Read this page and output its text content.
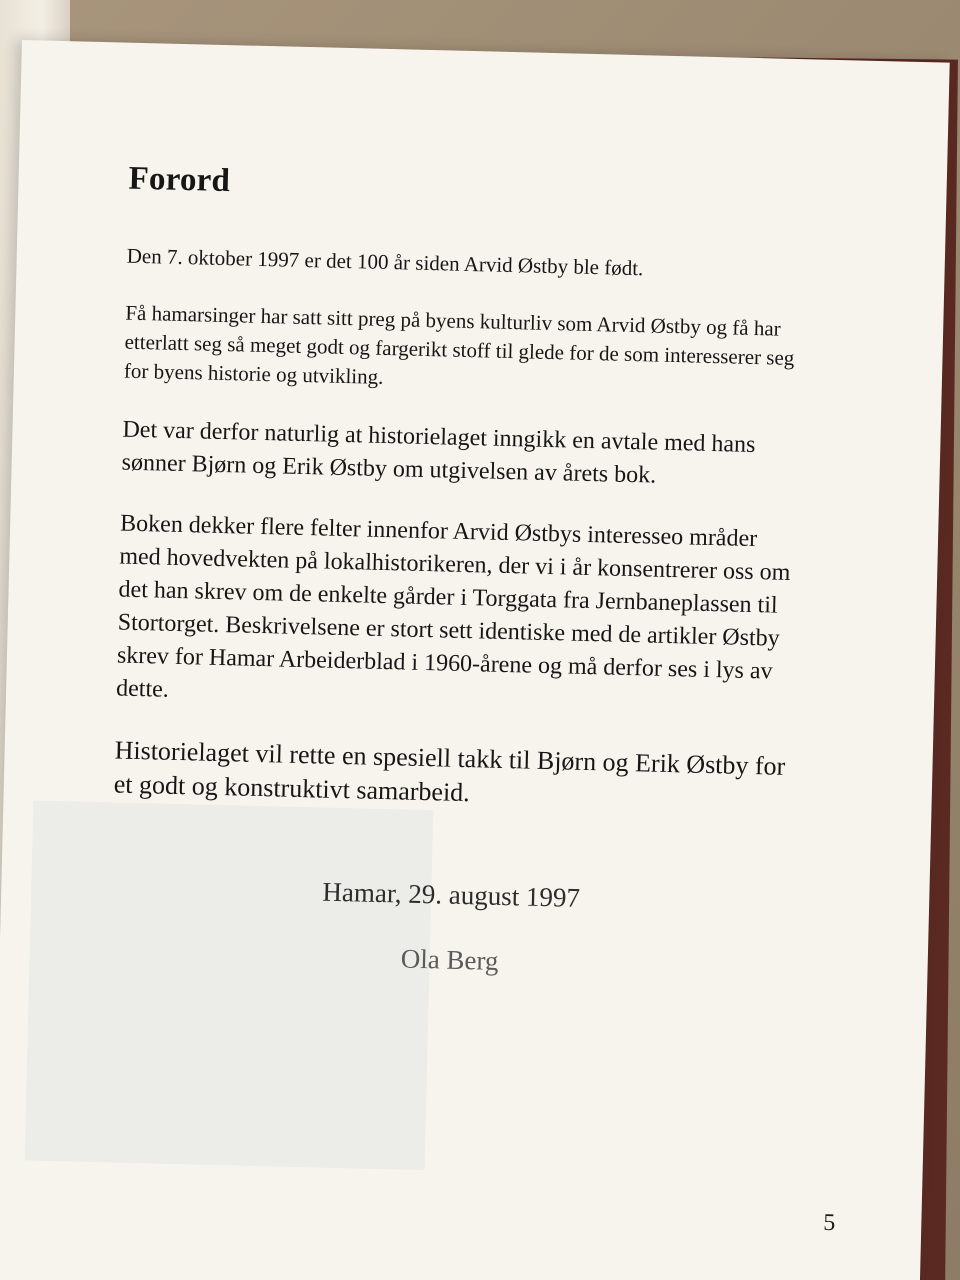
Forord

Den 7. oktober 1997 er det 100 år siden Arvid Østby ble født.

Få hamarsinger har satt sitt preg på byens kulturliv som Arvid Østby og få har etterlatt seg så meget godt og fargerikt stoff til glede for de som interesserer seg for byens historie og utvikling.

Det var derfor naturlig at historielaget inngikk en avtale med hans sønner Bjørn og Erik Østby om utgivelsen av årets bok.

Boken dekker flere felter innenfor Arvid Østbys interesseo mråder med hovedvekten på lokalhistorikeren, der vi i år konsentrerer oss om det han skrev om de enkelte gårder i Torggata fra Jernbaneplassen til Stortorget. Beskrivelsene er stort sett identiske med de artikler Østby skrev for Hamar Arbeiderblad i 1960-årene og må derfor ses i lys av dette.

Historielaget vil rette en spesiell takk til Bjørn og Erik Østby for et godt og konstruktivt samarbeid.

Hamar, 29. august 1997
Ola Berg
5
